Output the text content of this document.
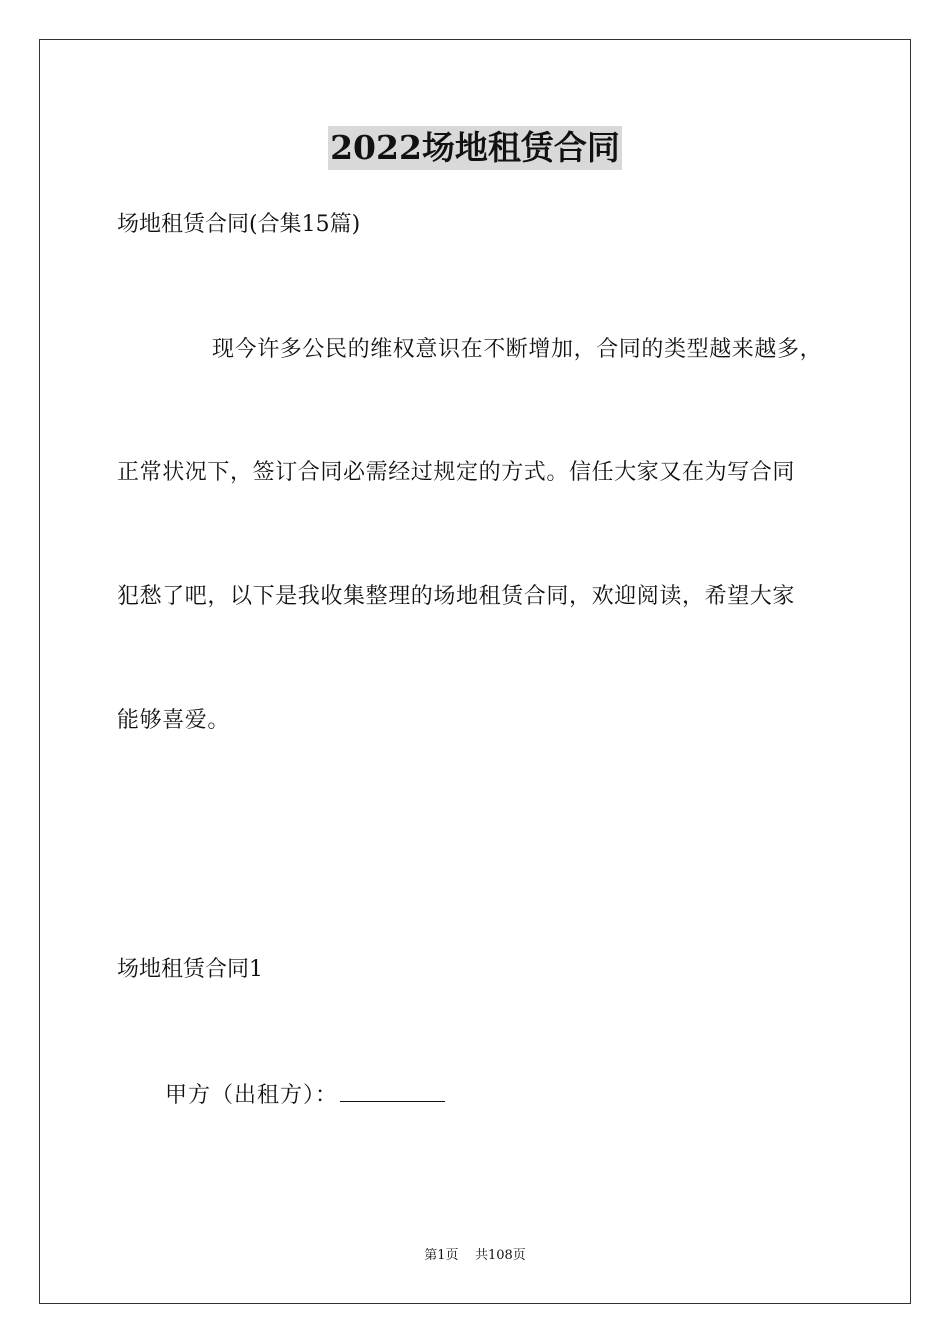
2022场地租赁合同
场地租赁合同(合集15篇)
现今许多公民的维权意识在不断增加，合同的类型越来越多，
正常状况下，签订合同必需经过规定的方式。信任大家又在为写合同
犯愁了吧，以下是我收集整理的场地租赁合同，欢迎阅读，希望大家
能够喜爱。
场地租赁合同1
甲方（出租方）：
第1页    共108页
